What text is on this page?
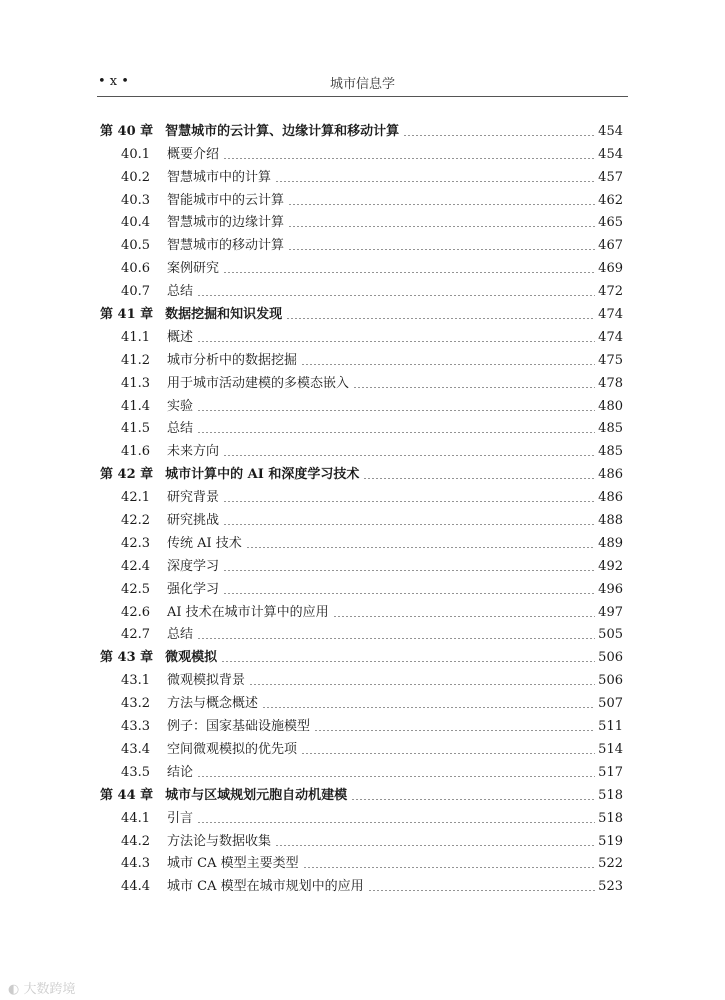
• x •	城市信息学
第 40 章 智慧城市的云计算、边缘计算和移动计算	454
40.1 概要介绍	454
40.2 智慧城市中的计算	457
40.3 智能城市中的云计算	462
40.4 智慧城市的边缘计算	465
40.5 智慧城市的移动计算	467
40.6 案例研究	469
40.7 总结	472
第 41 章 数据挖掘和知识发现	474
41.1 概述	474
41.2 城市分析中的数据挖掘	475
41.3 用于城市活动建模的多模态嵌入	478
41.4 实验	480
41.5 总结	485
41.6 未来方向	485
第 42 章 城市计算中的 AI 和深度学习技术	486
42.1 研究背景	486
42.2 研究挑战	488
42.3 传统 AI 技术	489
42.4 深度学习	492
42.5 强化学习	496
42.6 AI 技术在城市计算中的应用	497
42.7 总结	505
第 43 章 微观模拟	506
43.1 微观模拟背景	506
43.2 方法与概念概述	507
43.3 例子：国家基础设施模型	511
43.4 空间微观模拟的优先项	514
43.5 结论	517
第 44 章 城市与区域规划元胞自动机建模	518
44.1 引言	518
44.2 方法论与数据收集	519
44.3 城市 CA 模型主要类型	522
44.4 城市 CA 模型在城市规划中的应用	523
◐ 大数跨境
